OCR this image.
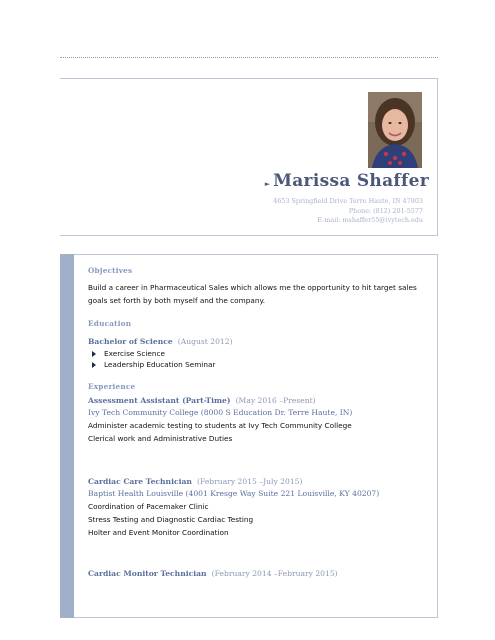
► Marissa Shaffer
4653 Springfield Drive Terre Haute, IN 47803
Phone: (812) 201-5577
E-mail: mshaffer55@ivytech.edu
Objectives
Build a career in Pharmaceutical Sales which allows me the opportunity to hit target sales
goals set forth by both myself and the company.
Education
Bachelor of Science (August 2012)
Exercise Science
Leadership Education Seminar
Experience
Assessment Assistant (Part-Time) (May 2016 –Present)
Ivy Tech Community College (8000 S Education Dr. Terre Haute, IN)
Administer academic testing to students at Ivy Tech Community College
Clerical work and Administrative Duties
Cardiac Care Technician (February 2015 –July 2015)
Baptist Health Louisville (4001 Kresge Way Suite 221 Louisville, KY 40207)
Coordination of Pacemaker Clinic
Stress Testing and Diagnostic Cardiac Testing
Holter and Event Monitor Coordination
Cardiac Monitor Technician (February 2014 –February 2015)
